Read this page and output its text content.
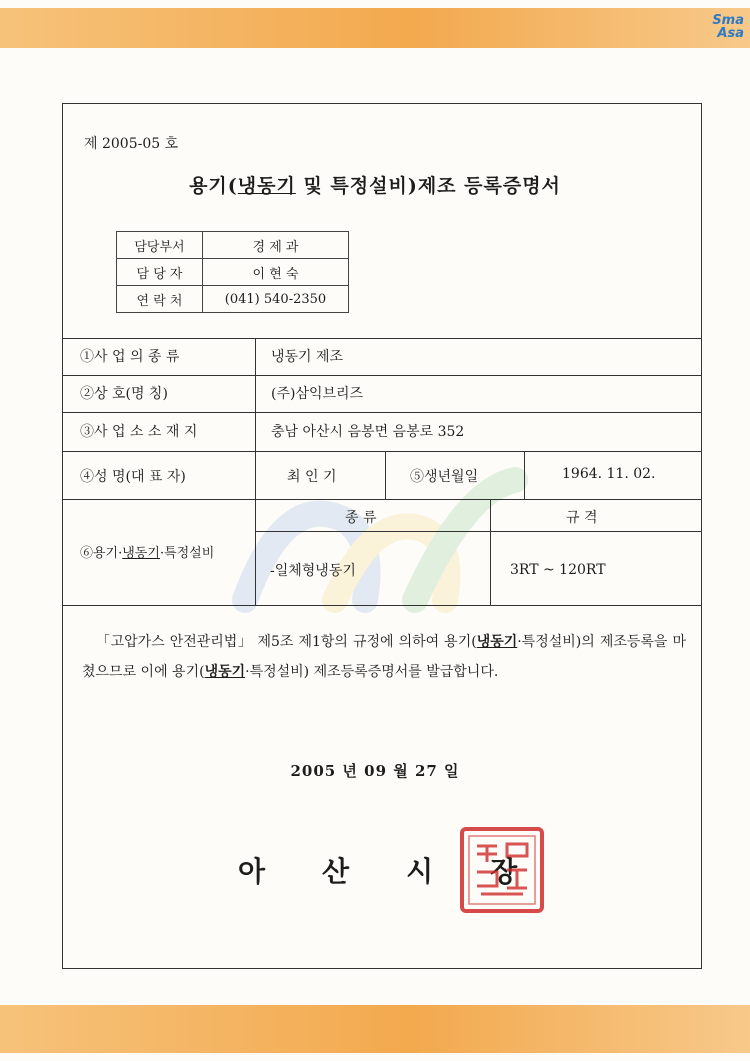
Sma
Asa
제 2005-05 호
용기(냉동기 및 특정설비)제조 등록증명서
담당부서	경 제 과
담 당 자	이 현 숙
연 락 처	(041) 540-2350
①사 업 의 종 류	냉동기 제조
②상 호(명 칭)	(주)삼익브리즈
③사 업 소 소 재 지	충남 아산시 음봉면 음봉로 352
④성 명(대 표 자)	최 인 기	⑤생년월일	1964. 11. 02.
⑥용기·냉동기·특정설비
종 류	규 격
-일체형냉동기	3RT ~ 120RT

「고압가스 안전관리법」 제5조 제1항의 규정에 의하여 용기(냉동기·특정설비)의 제조등록을 마쳤으므로 이에 용기(냉동기·특정설비) 제조등록증명서를 발급합니다.

2005 년 09 월 27 일
아산시장
